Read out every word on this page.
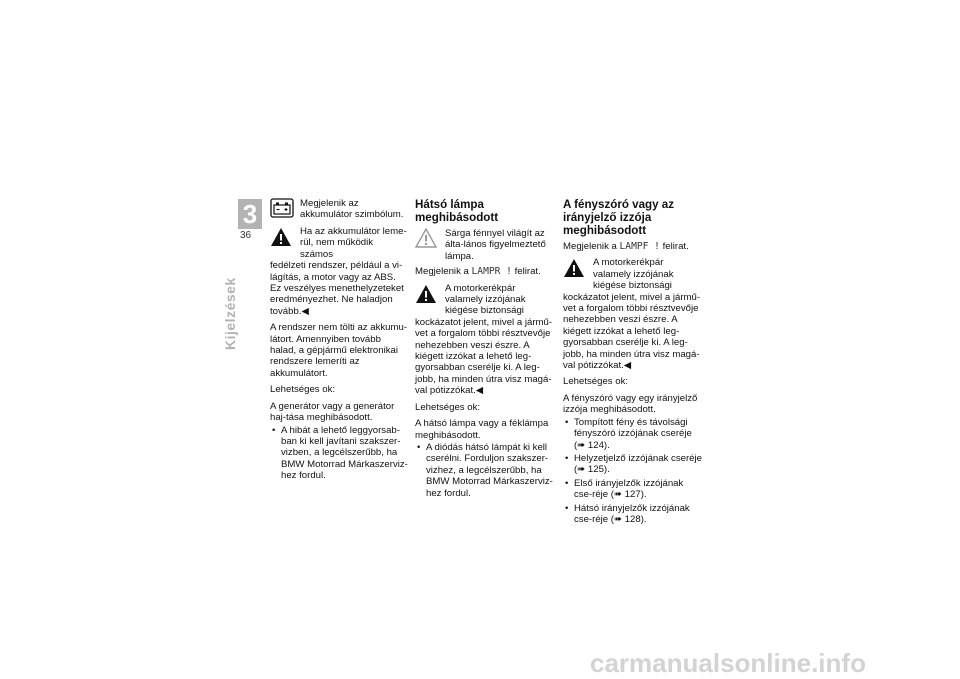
3
36
Kijelzések
Megjelenik az akkumulátor szimbólum.
Ha az akkumulátor leme-rül, nem működik számos

fedélzeti rendszer, például a vi-lágítás, a motor vagy az ABS. Ez veszélyes menethelyzeteket eredményezhet. Ne haladjon tovább.◀

A rendszer nem tölti az akkumu-látort. Amennyiben tovább halad, a gépjármű elektronikai rendszere lemeríti az akkumulátort.

Lehetséges ok:

A generátor vagy a generátor haj-tása meghibásodott.

• A hibát a lehető leggyorsab-ban ki kell javítani szakszer-vizben, a legcélszerűbb, ha BMW Motorrad Márkaszerviz-hez fordul.
Hátsó lámpa meghibásodott
Sárga fénnyel világít az álta-lános figyelmeztető lámpa.

Megjelenik a LAMPR ! felirat.

A motorkerékpár valamely izzójának kiégése biztonsági

kockázatot jelent, mivel a jármű-vet a forgalom többi résztvevője nehezebben veszi észre. A kiégett izzókat a lehető leg-gyorsabban cserélje ki. A leg-jobb, ha minden útra visz magá-val pótizzókat.◀

Lehetséges ok:

A hátsó lámpa vagy a féklámpa meghibásodott.

• A diódás hátsó lámpát ki kell cserélni. Forduljon szakszer-vizhez, a legcélszerűbb, ha BMW Motorrad Márkaszerviz-hez fordul.
A fényszóró vagy az irányjelző izzója meghibásodott

Megjelenik a LAMPF ! felirat.

A motorkerékpár valamely izzójának kiégése biztonsági

kockázatot jelent, mivel a jármű-vet a forgalom többi résztvevője nehezebben veszi észre. A kiégett izzókat a lehető leg-gyorsabban cserélje ki. A leg-jobb, ha minden útra visz magá-val pótizzókat.◀

Lehetséges ok:

A fényszóró vagy egy irányjelző izzója meghibásodott.

• Tompított fény és távolsági fényszóró izzójának cseréje (➠ 124).
• Helyzetjelző izzójának cseréje (➠ 125).
• Első irányjelzők izzójának cse-réje (➠ 127).
• Hátsó irányjelzők izzójának cse-réje (➠ 128).
carmanualsonline.info
